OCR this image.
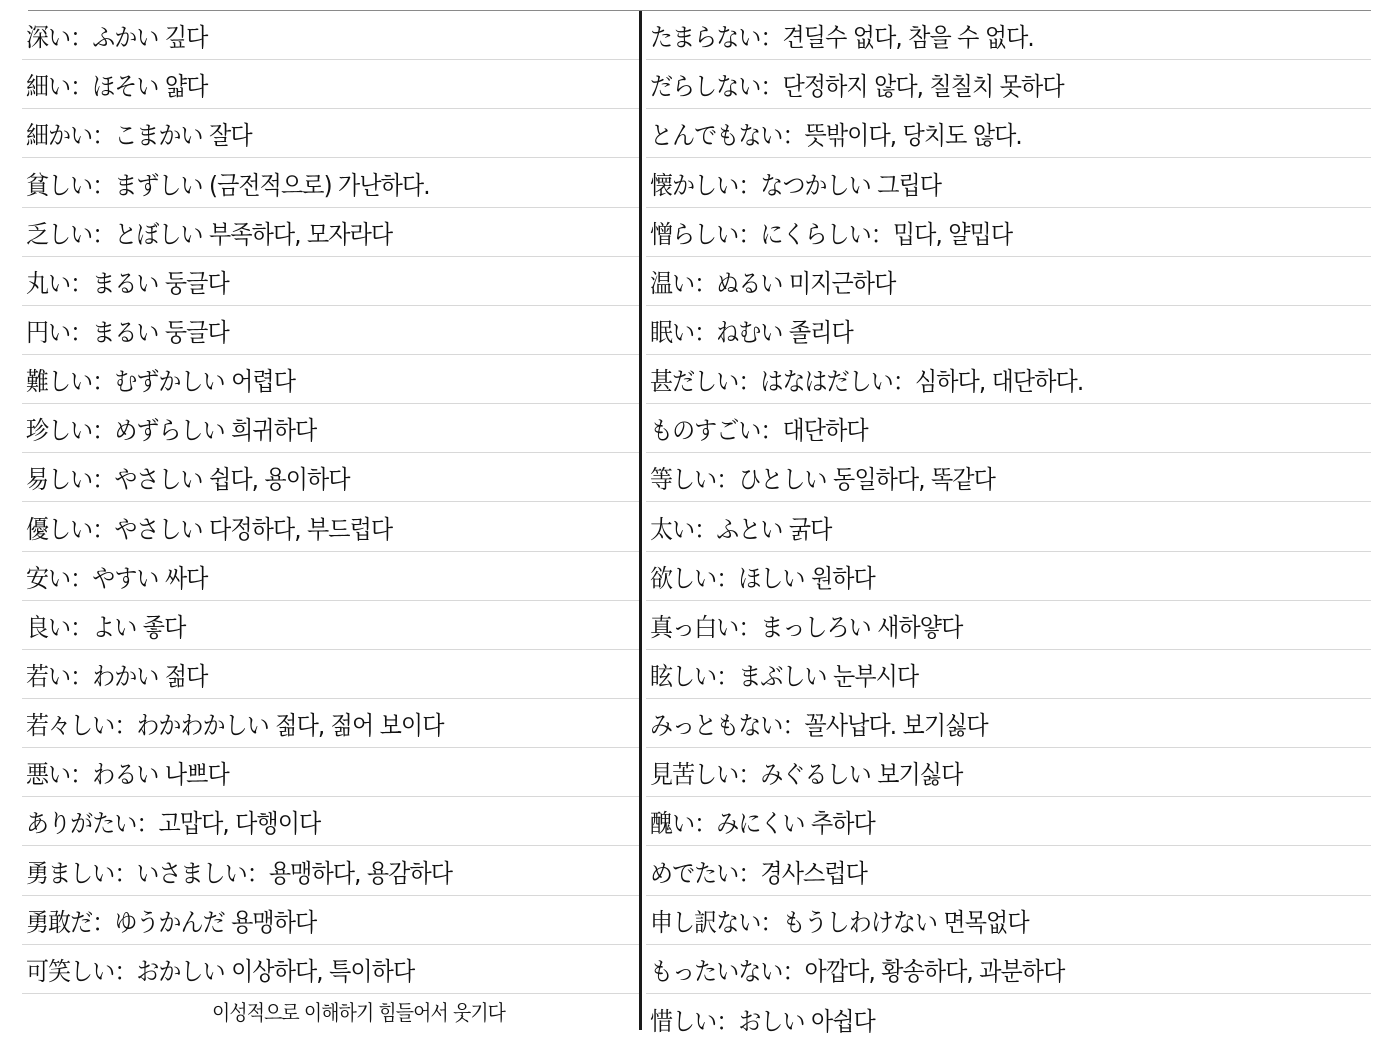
深い：ふかい 깊다
細い：ほそい 얇다
細かい：こまかい 잘다
貧しい：まずしい (금전적으로) 가난하다.
乏しい：とぼしい 부족하다, 모자라다
丸い：まるい 둥글다
円い：まるい 둥글다
難しい：むずかしい 어렵다
珍しい：めずらしい 희귀하다
易しい：やさしい 쉽다, 용이하다
優しい：やさしい 다정하다, 부드럽다
安い：やすい 싸다
良い：よい 좋다
若い：わかい 젊다
若々しい：わかわかしい 젊다, 젊어 보이다
悪い：わるい 나쁘다
ありがたい：고맙다, 다행이다
勇ましい：いさましい：용맹하다, 용감하다
勇敢だ：ゆうかんだ 용맹하다
可笑しい：おかしい 이상하다, 특이하다
이성적으로 이해하기 힘들어서 웃기다
たまらない：견딜수 없다, 참을 수 없다.
だらしない：단정하지 않다, 칠칠치 못하다
とんでもない：뜻밖이다, 당치도 않다.
懐かしい：なつかしい 그립다
憎らしい：にくらしい：밉다, 얄밉다
温い：ぬるい 미지근하다
眠い：ねむい 졸리다
甚だしい：はなはだしい：심하다, 대단하다.
ものすごい：대단하다
等しい：ひとしい 동일하다, 똑같다
太い：ふとい 굵다
欲しい：ほしい 원하다
真っ白い：まっしろい 새하얗다
眩しい：まぶしい 눈부시다
みっともない：꼴사납다. 보기싫다
見苦しい：みぐるしい 보기싫다
醜い：みにくい 추하다
めでたい：경사스럽다
申し訳ない：もうしわけない 면목없다
もったいない：아깝다, 황송하다, 과분하다
惜しい：おしい 아쉽다
